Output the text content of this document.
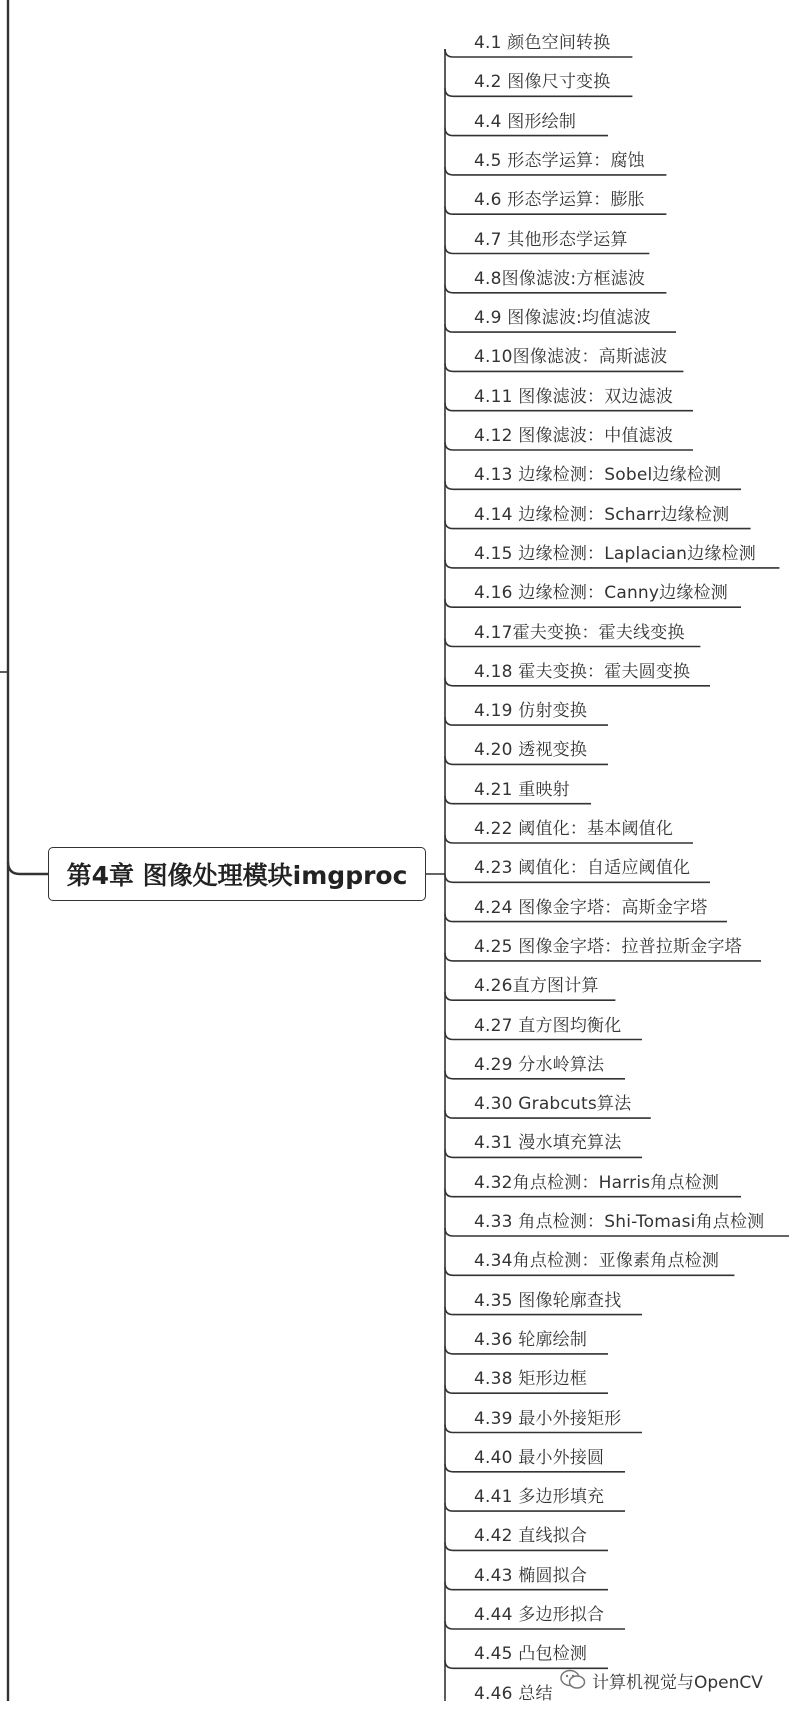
第4章 图像处理模块imgproc
4.1 颜色空间转换
4.2 图像尺寸变换
4.4 图形绘制
4.5 形态学运算：腐蚀
4.6 形态学运算：膨胀
4.7 其他形态学运算
4.8图像滤波:方框滤波
4.9 图像滤波:均值滤波
4.10图像滤波：高斯滤波
4.11 图像滤波：双边滤波
4.12 图像滤波：中值滤波
4.13 边缘检测：Sobel边缘检测
4.14 边缘检测：Scharr边缘检测
4.15 边缘检测：Laplacian边缘检测
4.16 边缘检测：Canny边缘检测
4.17霍夫变换：霍夫线变换
4.18 霍夫变换：霍夫圆变换
4.19 仿射变换
4.20 透视变换
4.21 重映射
4.22 阈值化：基本阈值化
4.23 阈值化：自适应阈值化
4.24 图像金字塔：高斯金字塔
4.25 图像金字塔：拉普拉斯金字塔
4.26直方图计算
4.27 直方图均衡化
4.29 分水岭算法
4.30 Grabcuts算法
4.31 漫水填充算法
4.32角点检测：Harris角点检测
4.33 角点检测：Shi-Tomasi角点检测
4.34角点检测：亚像素角点检测
4.35 图像轮廓查找
4.36 轮廓绘制
4.38 矩形边框
4.39 最小外接矩形
4.40 最小外接圆
4.41 多边形填充
4.42 直线拟合
4.43 椭圆拟合
4.44 多边形拟合
4.45 凸包检测
4.46 总结
计算机视觉与OpenCV
